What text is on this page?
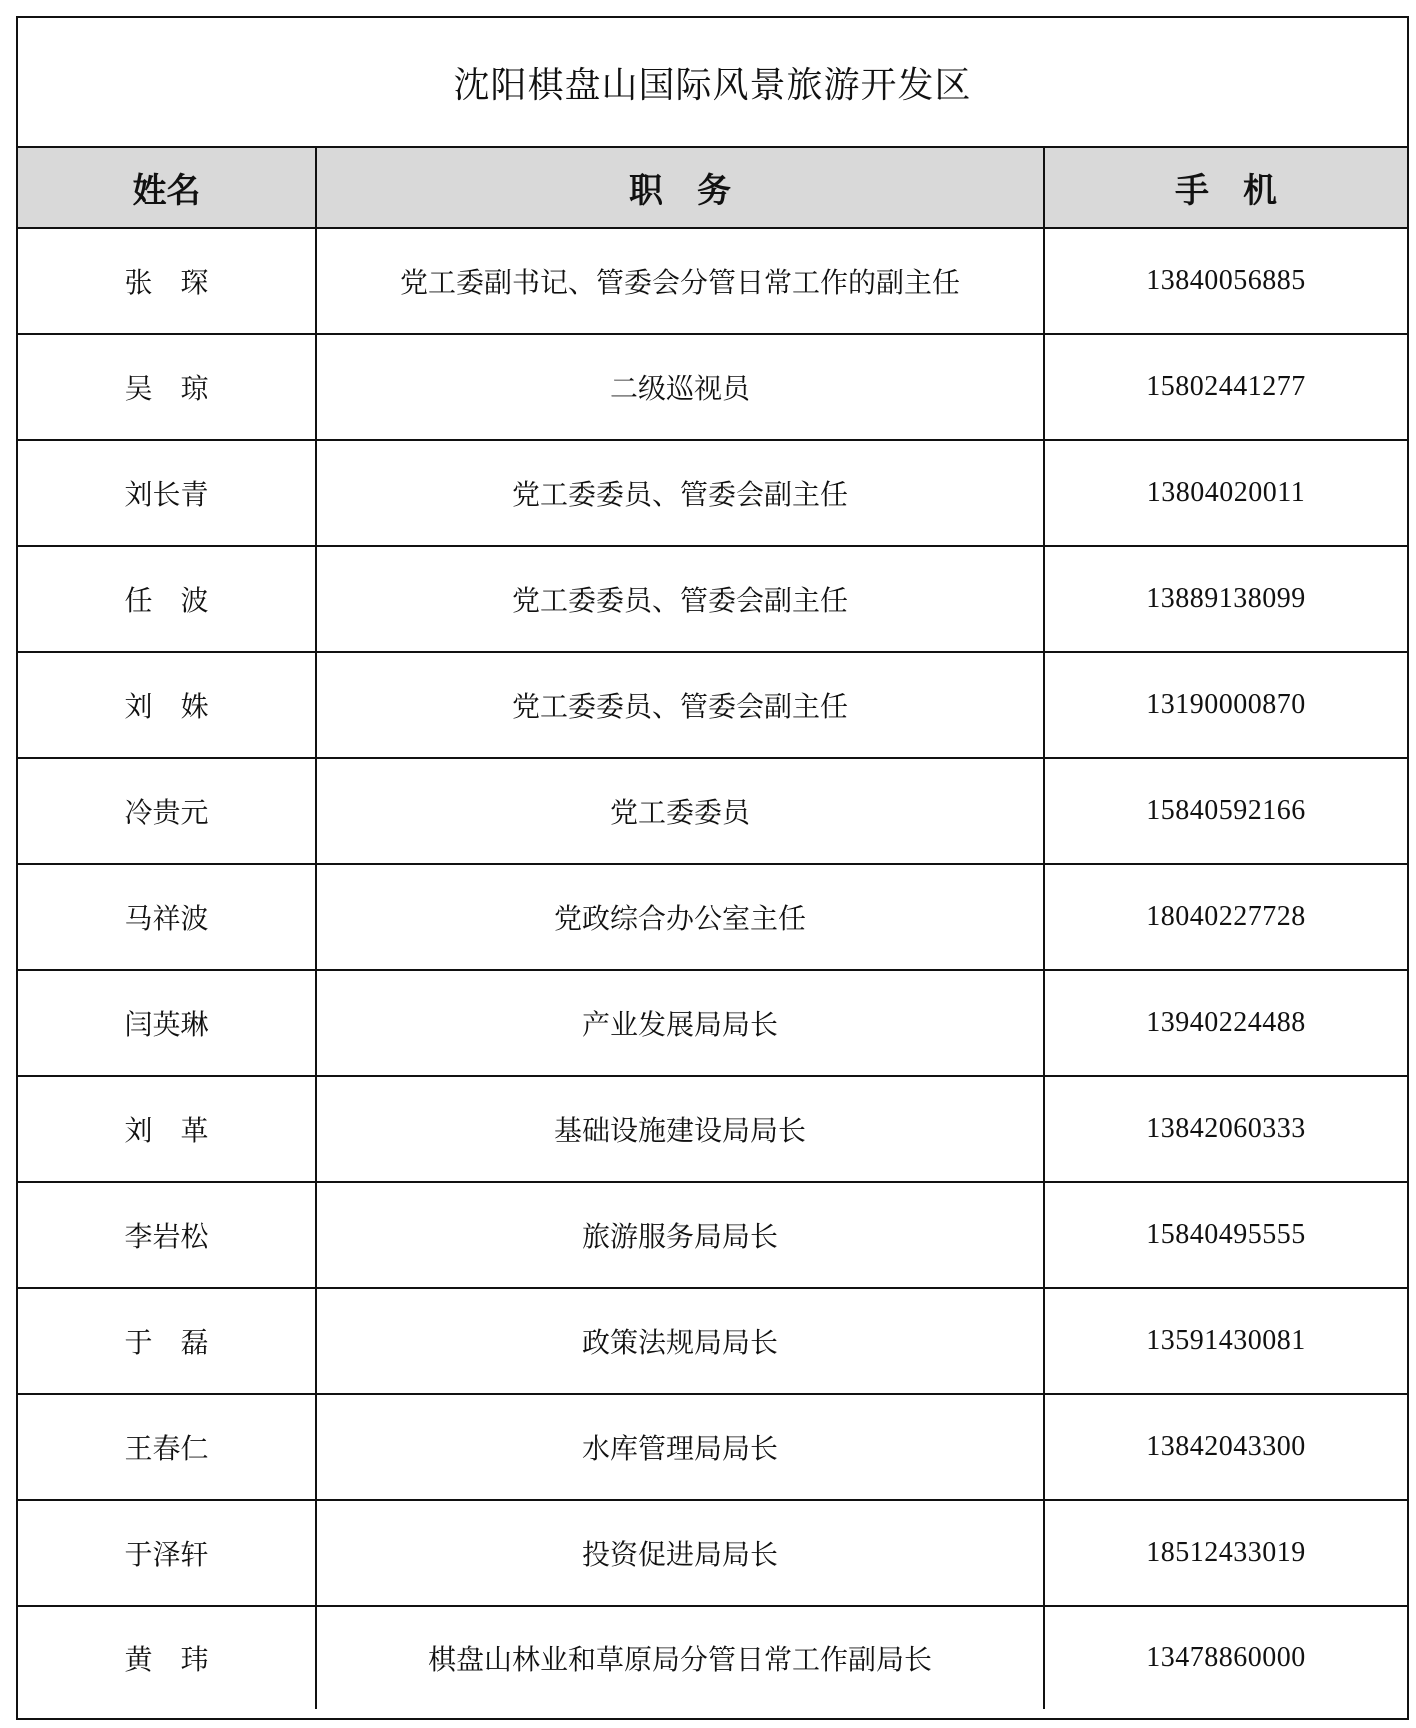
沈阳棋盘山国际风景旅游开发区
姓名	职　务	手　机
张　琛	党工委副书记、管委会分管日常工作的副主任	13840056885
吴　琼	二级巡视员	15802441277
刘长青	党工委委员、管委会副主任	13804020011
任　波	党工委委员、管委会副主任	13889138099
刘　姝	党工委委员、管委会副主任	13190000870
冷贵元	党工委委员	15840592166
马祥波	党政综合办公室主任	18040227728
闫英琳	产业发展局局长	13940224488
刘　革	基础设施建设局局长	13842060333
李岩松	旅游服务局局长	15840495555
于　磊	政策法规局局长	13591430081
王春仁	水库管理局局长	13842043300
于泽轩	投资促进局局长	18512433019
黄　玮	棋盘山林业和草原局分管日常工作副局长	13478860000
